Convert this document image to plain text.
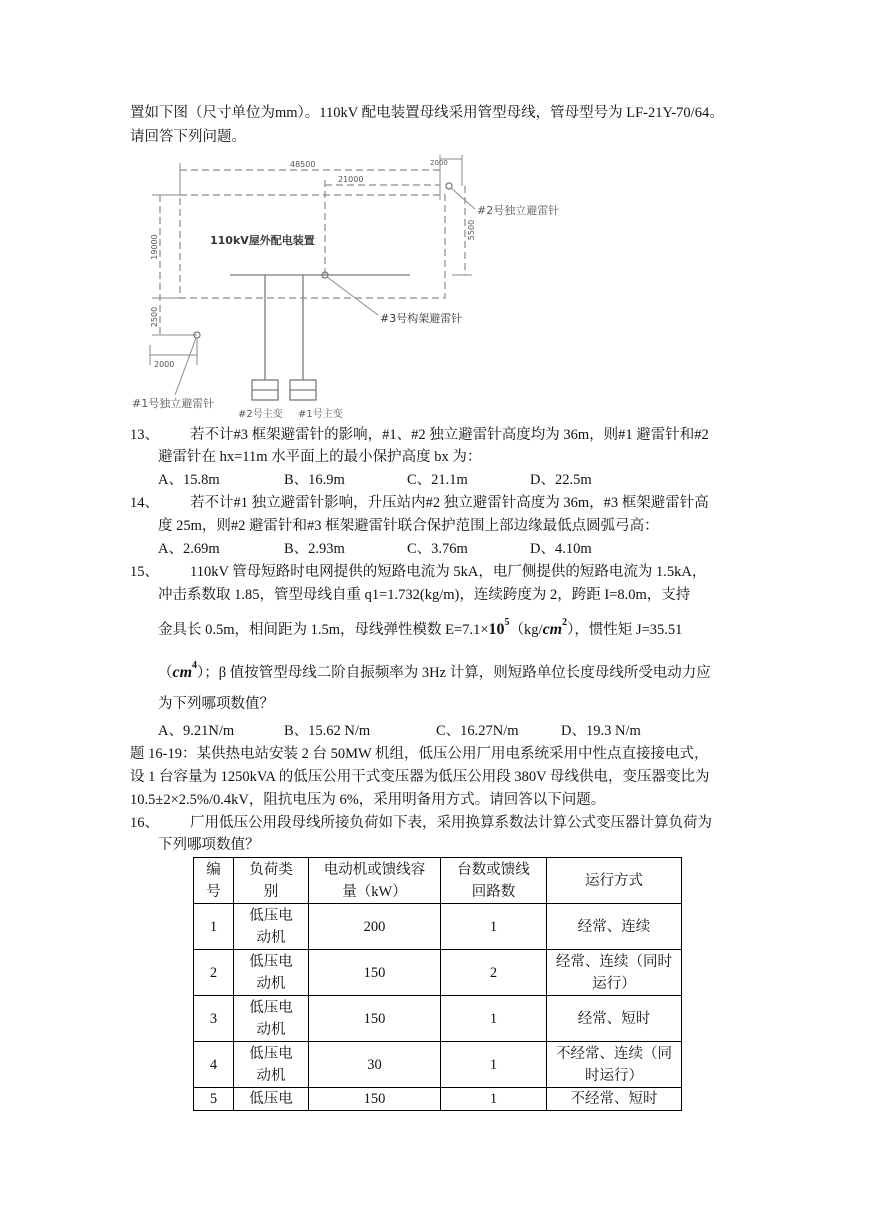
置如下图（尺寸单位为mm）。110kV 配电装置母线采用管型母线，管母型号为 LF-21Y-70/64。
请回答下列问题。
48500	2000
21000
19000
5500
2500
2000
110kV屋外配电装置
#2号独立避雷针
#3号构架避雷针
#1号独立避雷针
#2号主变 #1号主变
13、 若不计#3 框架避雷针的影响，#1、#2 独立避雷针高度均为 36m，则#1 避雷针和#2
避雷针在 hx=11m 水平面上的最小保护高度 bx 为：
A、15.8m	B、16.9m	C、21.1m	D、22.5m
14、 若不计#1 独立避雷针影响，升压站内#2 独立避雷针高度为 36m，#3 框架避雷针高
度 25m，则#2 避雷针和#3 框架避雷针联合保护范围上部边缘最低点圆弧弓高：
A、2.69m	B、2.93m	C、3.76m	D、4.10m
15、 110kV 管母短路时电网提供的短路电流为 5kA，电厂侧提供的短路电流为 1.5kA，
冲击系数取 1.85，管型母线自重 q1=1.732(kg/m)，连续跨度为 2，跨距 I=8.0m，支持
金具长 0.5m，相间距为 1.5m，母线弹性模数 $E=7.1\times 10^5(kg/cm^2)$，惯性矩 J=35.51
$(cm^4)$；β 值按管型母线二阶自振频率为 3Hz 计算，则短路单位长度母线所受电动力应
为下列哪项数值？
A、9.21N/m	B、15.62 N/m	C、16.27N/m	D、19.3 N/m
题 16-19：某供热电站安装 2 台 50MW 机组，低压公用厂用电系统采用中性点直接接电式，
设 1 台容量为 1250kVA 的低压公用干式变压器为低压公用段 380V 母线供电，变压器变比为
10.5±2×2.5%/0.4kV，阻抗电压为 6%，采用明备用方式。请回答以下问题。
16、 厂用低压公用段母线所接负荷如下表，采用换算系数法计算公式变压器计算负荷为
下列哪项数值？
编号	负荷类别	电动机或馈线容量（kW）	台数或馈线回路数	运行方式
1	低压电动机	200	1	经常、连续
2	低压电动机	150	2	经常、连续（同时运行）
3	低压电动机	150	1	经常、短时
4	低压电动机	30	1	不经常、连续（同时运行）
5	低压电	150	1	不经常、短时
